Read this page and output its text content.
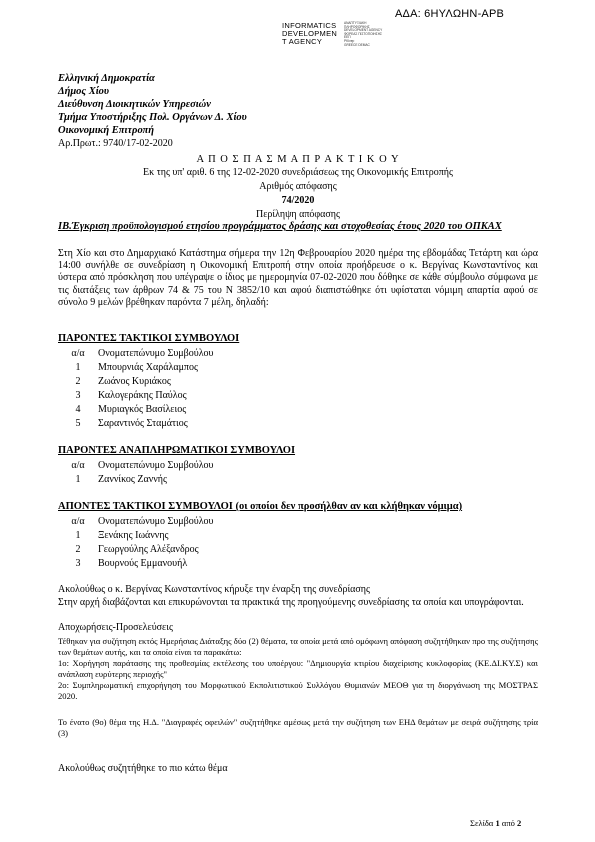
ΑΔΑ: 6ΗΥΛΩΗΝ-ΑΡΒ
INFORMATICS
DEVELOPMEN
T AGENCY
ΑΝΑΠΤΥΞΙΑΚΗ
ΠΛΗΡΟΦΟΡΙΚΗΣ
DEVELOPMENT AGENCY
ΦΟΡΕΑΣ ΠΙΣΤΟΠΟΙΗΣΗΣ
ΕΕΠ
PKIvep
GREECE DEMAC
Ελληνική Δημοκρατία
Δήμος Χίου
Διεύθυνση Διοικητικών Υπηρεσιών
Τμήμα Υποστήριξης Πολ. Οργάνων Δ. Χίου
Οικονομική Επιτροπή
Αρ.Πρωτ.: 9740/17-02-2020
Α Π Ο Σ Π Α Σ Μ Α Π Ρ Α Κ Τ Ι Κ Ο Υ
Εκ της υπ' αριθ. 6 της 12-02-2020 συνεδριάσεως της Οικονομικής Επιτροπής
Αριθμός απόφασης
74/2020
Περίληψη απόφασης
IB.Έγκριση προϋπολογισμού ετησίου προγράμματος δράσης και στοχοθεσίας έτους 2020 του ΟΠΚΑΧ
Στη Χίο και στο Δημαρχιακό Κατάστημα σήμερα την 12η Φεβρουαρίου 2020 ημέρα της εβδομάδας Τετάρτη και ώρα 14:00 συνήλθε σε συνεδρίαση η Οικονομική Επιτροπή στην οποία προήδρευσε ο κ. Βεργίνας Κωνσταντίνος και ύστερα από πρόσκληση που υπέγραψε ο ίδιος με ημερομηνία 07-02-2020 που δόθηκε σε κάθε σύμβουλο σύμφωνα με τις διατάξεις των άρθρων 74 & 75 του Ν 3852/10 και αφού διαπιστώθηκε ότι υφίσταται νόμιμη απαρτία αφού σε σύνολο 9 μελών βρέθηκαν παρόντα 7 μέλη, δηλαδή:
ΠΑΡΟΝΤΕΣ ΤΑΚΤΙΚΟΙ ΣΥΜΒΟΥΛΟΙ
α/α	Ονοματεπώνυμο Συμβούλου
1	Μπουρνιάς Χαράλαμπος
2	Ζωάνος Κυριάκος
3	Καλογεράκης Παύλος
4	Μυριαγκός Βασίλειος
5	Σαραντινός Σταμάτιος
ΠΑΡΟΝΤΕΣ ΑΝΑΠΛΗΡΩΜΑΤΙΚΟΙ ΣΥΜΒΟΥΛΟΙ
α/α	Ονοματεπώνυμο Συμβούλου
1	Ζαννίκος Ζαννής
ΑΠΟΝΤΕΣ ΤΑΚΤΙΚΟΙ ΣΥΜΒΟΥΛΟΙ (οι οποίοι δεν προσήλθαν αν και κλήθηκαν νόμιμα)
α/α	Ονοματεπώνυμο Συμβούλου
1	Ξενάκης Ιωάννης
2	Γεωργούλης Αλέξανδρος
3	Βουρνούς Εμμανουήλ
Ακολούθως ο κ. Βεργίνας Κωνσταντίνος κήρυξε την έναρξη της συνεδρίασης
Στην αρχή διαβάζονται και επικυρώνονται τα πρακτικά της προηγούμενης συνεδρίασης τα οποία και υπογράφονται.
Αποχωρήσεις-Προσελεύσεις
Τέθηκαν για συζήτηση εκτός Ημερήσιας Διάταξης δύο (2) θέματα, τα οποία μετά από ομόφωνη απόφαση συζητήθηκαν προ της συζήτησης των θεμάτων αυτής, και τα οποία είναι τα παρακάτω:
1ο: Χορήγηση παράτασης της προθεσμίας εκτέλεσης του υποέργου: "Δημιουργία κτιρίου διαχείρισης κυκλοφορίας (ΚΕ.ΔΙ.ΚΥ.Σ) και ανάπλαση ευρύτερης περιοχής"
2ο: Συμπληρωματική επιχορήγηση του Μορφωτικού Εκπολιτιστικού Συλλόγου Θυμιανών ΜΕΟΘ για τη διοργάνωση της ΜΟΣΤΡΑΣ 2020.
Το ένατο (9ο) θέμα της Η.Δ. "Διαγραφές οφειλών" συζητήθηκε αμέσως μετά την συζήτηση των ΕΗΔ θεμάτων με σειρά συζήτησης τρία (3)
Ακολούθως συζητήθηκε το πιο κάτω θέμα
Σελίδα 1 από 2
